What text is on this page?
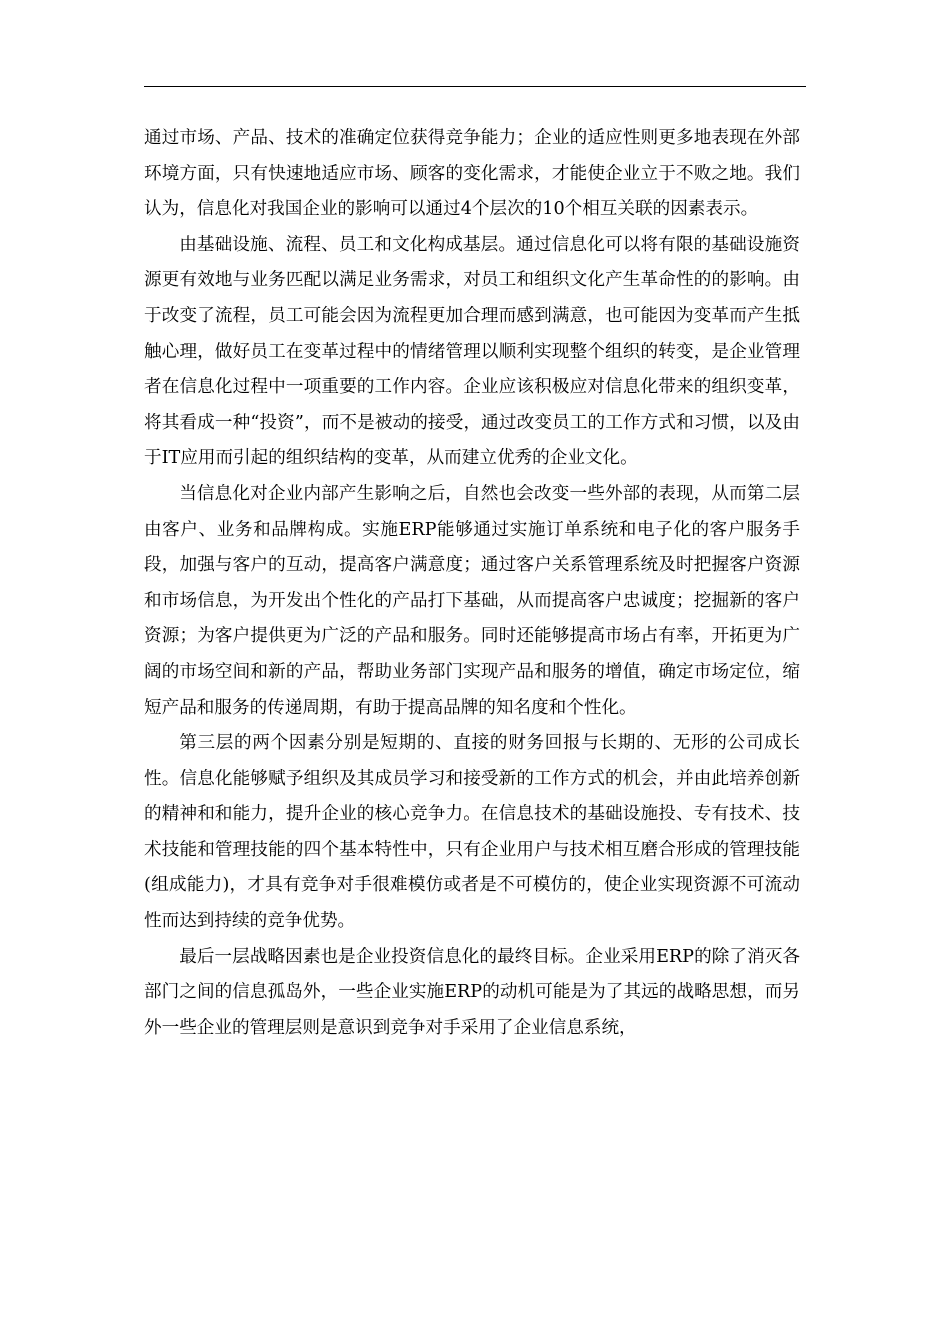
通过市场、产品、技术的准确定位获得竞争能力；企业的适应性则更多地表现在外部环境方面，只有快速地适应市场、顾客的变化需求，才能使企业立于不败之地。我们认为，信息化对我国企业的影响可以通过4个层次的10个相互关联的因素表示。

由基础设施、流程、员工和文化构成基层。通过信息化可以将有限的基础设施资源更有效地与业务匹配以满足业务需求，对员工和组织文化产生革命性的的影响。由于改变了流程，员工可能会因为流程更加合理而感到满意，也可能因为变革而产生抵触心理，做好员工在变革过程中的情绪管理以顺利实现整个组织的转变，是企业管理者在信息化过程中一项重要的工作内容。企业应该积极应对信息化带来的组织变革，将其看成一种“投资”，而不是被动的接受，通过改变员工的工作方式和习惯，以及由于IT应用而引起的组织结构的变革，从而建立优秀的企业文化。

当信息化对企业内部产生影响之后，自然也会改变一些外部的表现，从而第二层由客户、业务和品牌构成。实施ERP能够通过实施订单系统和电子化的客户服务手段，加强与客户的互动，提高客户满意度；通过客户关系管理系统及时把握客户资源和市场信息，为开发出个性化的产品打下基础，从而提高客户忠诚度；挖掘新的客户资源；为客户提供更为广泛的产品和服务。同时还能够提高市场占有率，开拓更为广阔的市场空间和新的产品，帮助业务部门实现产品和服务的增值，确定市场定位，缩短产品和服务的传递周期，有助于提高品牌的知名度和个性化。

第三层的两个因素分别是短期的、直接的财务回报与长期的、无形的公司成长性。信息化能够赋予组织及其成员学习和接受新的工作方式的机会，并由此培养创新的精神和和能力，提升企业的核心竞争力。在信息技术的基础设施投、专有技术、技术技能和管理技能的四个基本特性中，只有企业用户与技术相互磨合形成的管理技能(组成能力)，才具有竞争对手很难模仿或者是不可模仿的，使企业实现资源不可流动性而达到持续的竞争优势。

最后一层战略因素也是企业投资信息化的最终目标。企业采用ERP的除了消灭各部门之间的信息孤岛外，一些企业实施ERP的动机可能是为了其远的战略思想，而另外一些企业的管理层则是意识到竞争对手采用了企业信息系统，
